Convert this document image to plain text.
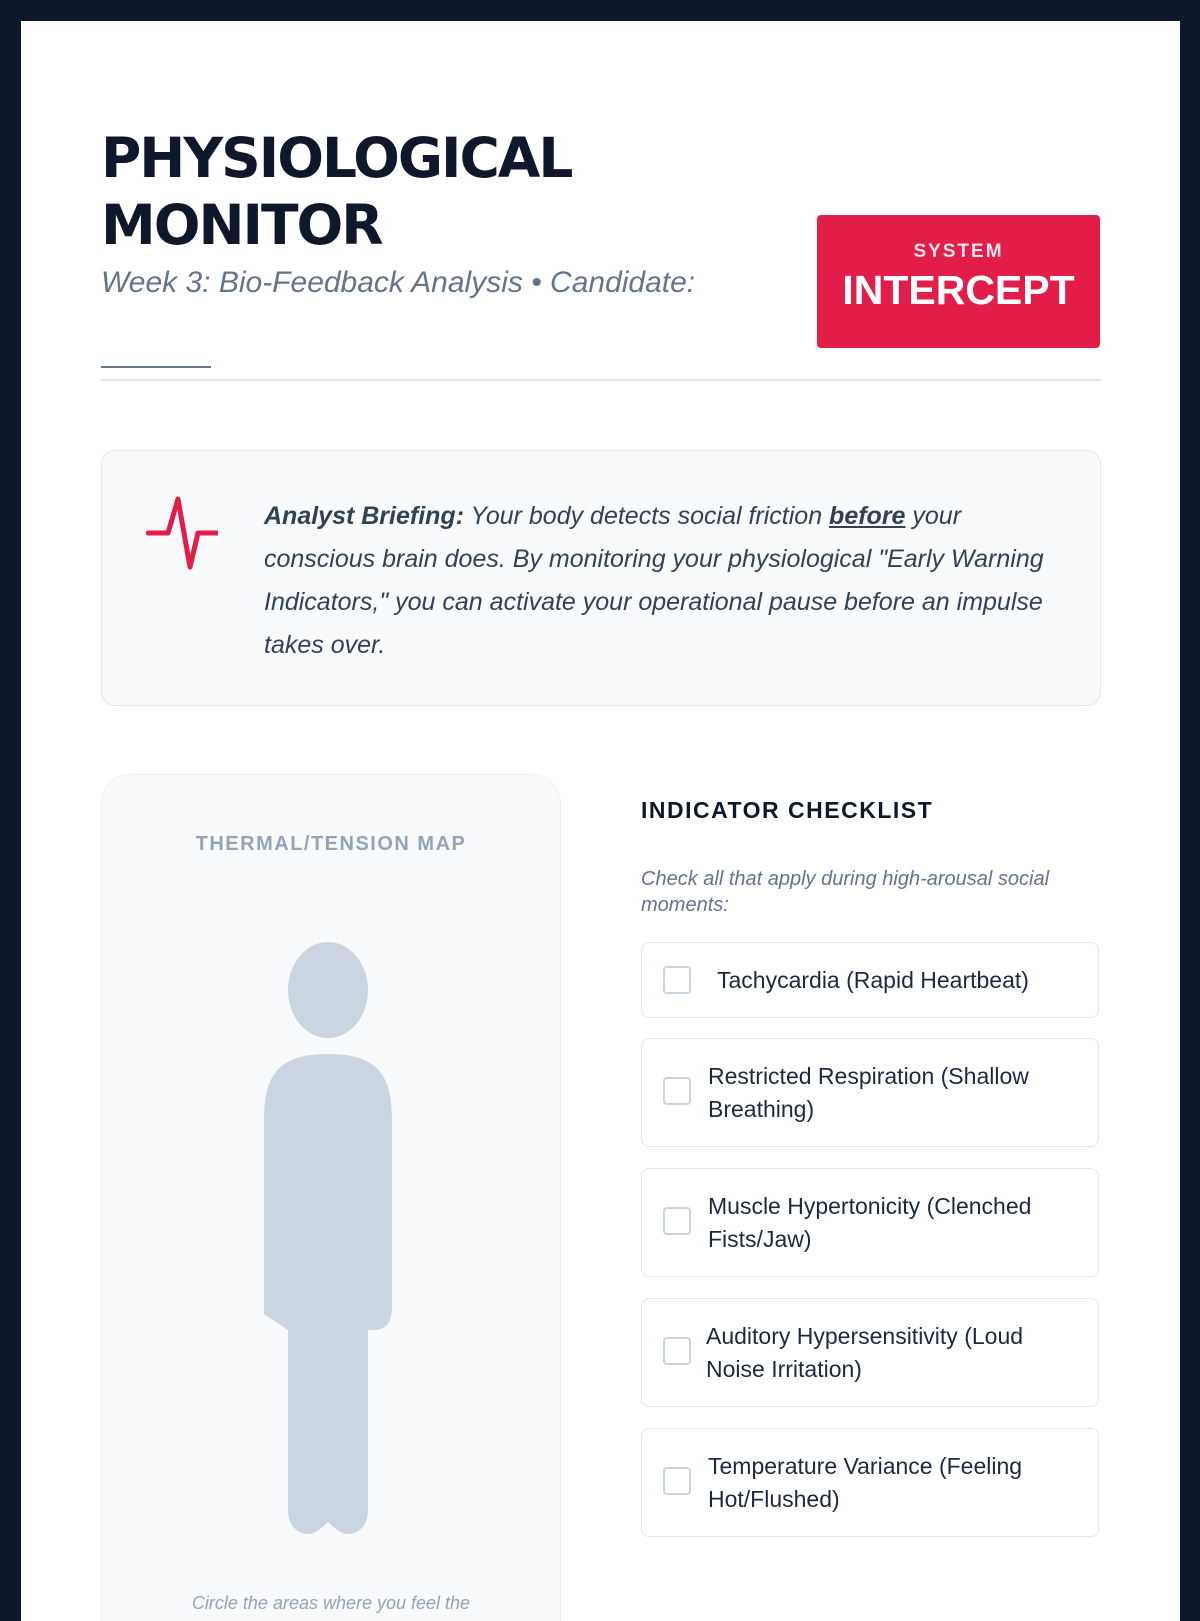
PHYSIOLOGICAL MONITOR
Week 3: Bio-Feedback Analysis • Candidate:
SYSTEM
INTERCEPT
Analyst Briefing: Your body detects social friction before your conscious brain does. By monitoring your physiological "Early Warning Indicators," you can activate your operational pause before an impulse takes over.
THERMAL/TENSION MAP
Circle the areas where you feel the
INDICATOR CHECKLIST
Check all that apply during high-arousal social moments:
Tachycardia (Rapid Heartbeat)
Restricted Respiration (Shallow Breathing)
Muscle Hypertonicity (Clenched Fists/Jaw)
Auditory Hypersensitivity (Loud Noise Irritation)
Temperature Variance (Feeling Hot/Flushed)
